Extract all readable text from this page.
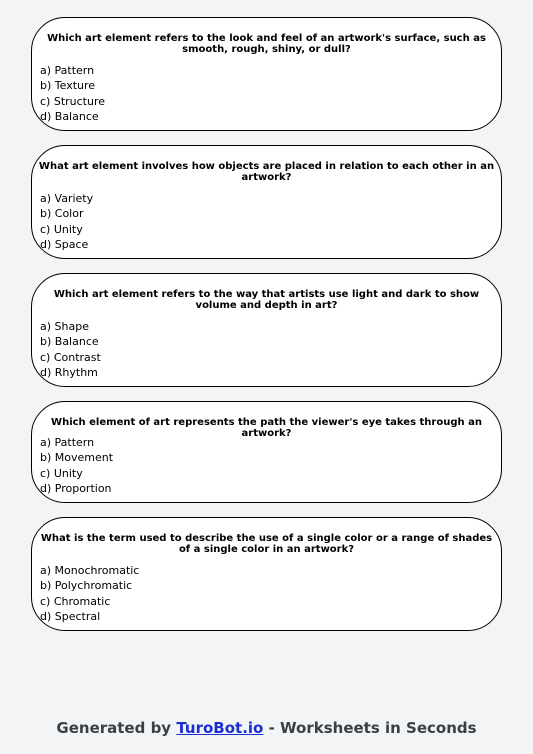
Which art element refers to the look and feel of an artwork's surface, such as smooth, rough, shiny, or dull?

a) Pattern
b) Texture
c) Structure
d) Balance

What art element involves how objects are placed in relation to each other in an artwork?

a) Variety
b) Color
c) Unity
d) Space

Which art element refers to the way that artists use light and dark to show volume and depth in art?

a) Shape
b) Balance
c) Contrast
d) Rhythm

Which element of art represents the path the viewer's eye takes through an artwork?

a) Pattern
b) Movement
c) Unity
d) Proportion

What is the term used to describe the use of a single color or a range of shades of a single color in an artwork?

a) Monochromatic
b) Polychromatic
c) Chromatic
d) Spectral
Generated by TuroBot.io - Worksheets in Seconds
